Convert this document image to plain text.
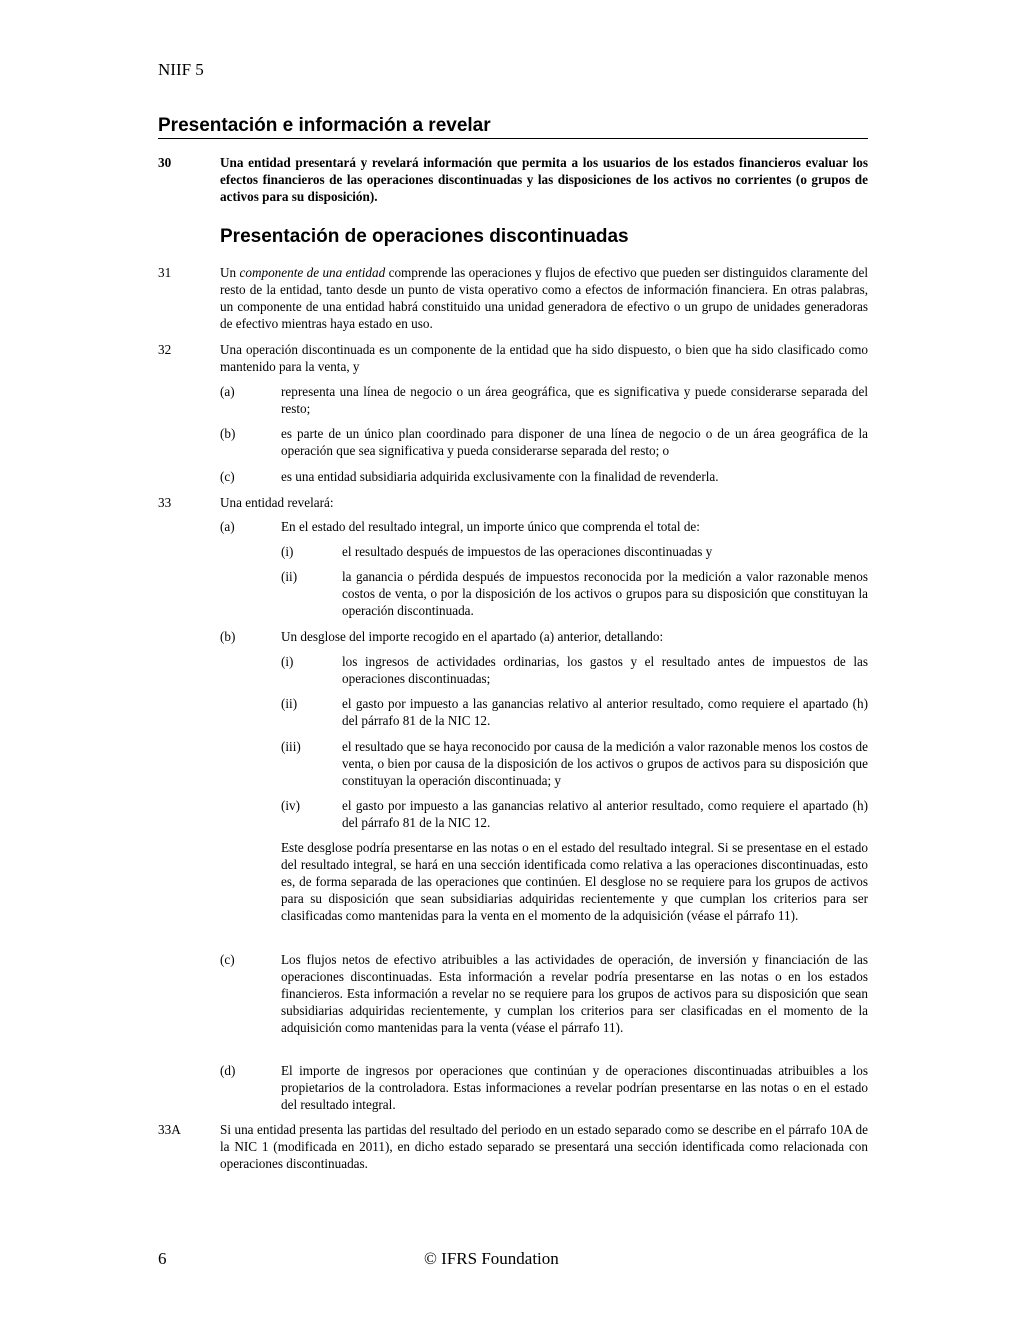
NIIF 5
Presentación e información a revelar
30	Una entidad presentará y revelará información que permita a los usuarios de los estados financieros evaluar los efectos financieros de las operaciones discontinuadas y las disposiciones de los activos no corrientes (o grupos de activos para su disposición).
Presentación de operaciones discontinuadas
31	Un componente de una entidad comprende las operaciones y flujos de efectivo que pueden ser distinguidos claramente del resto de la entidad, tanto desde un punto de vista operativo como a efectos de información financiera. En otras palabras, un componente de una entidad habrá constituido una unidad generadora de efectivo o un grupo de unidades generadoras de efectivo mientras haya estado en uso.
32	Una operación discontinuada es un componente de la entidad que ha sido dispuesto, o bien que ha sido clasificado como mantenido para la venta, y
(a)	representa una línea de negocio o un área geográfica, que es significativa y puede considerarse separada del resto;
(b)	es parte de un único plan coordinado para disponer de una línea de negocio o de un área geográfica de la operación que sea significativa y pueda considerarse separada del resto; o
(c)	es una entidad subsidiaria adquirida exclusivamente con la finalidad de revenderla.
33	Una entidad revelará:
(a)	En el estado del resultado integral, un importe único que comprenda el total de:
(i)	el resultado después de impuestos de las operaciones discontinuadas y
(ii)	la ganancia o pérdida después de impuestos reconocida por la medición a valor razonable menos costos de venta, o por la disposición de los activos o grupos para su disposición que constituyan la operación discontinuada.
(b)	Un desglose del importe recogido en el apartado (a) anterior, detallando:
(i)	los ingresos de actividades ordinarias, los gastos y el resultado antes de impuestos de las operaciones discontinuadas;
(ii)	el gasto por impuesto a las ganancias relativo al anterior resultado, como requiere el apartado (h) del párrafo 81 de la NIC 12.
(iii)	el resultado que se haya reconocido por causa de la medición a valor razonable menos los costos de venta, o bien por causa de la disposición de los activos o grupos de activos para su disposición que constituyan la operación discontinuada; y
(iv)	el gasto por impuesto a las ganancias relativo al anterior resultado, como requiere el apartado (h) del párrafo 81 de la NIC 12.
Este desglose podría presentarse en las notas o en el estado del resultado integral. Si se presentase en el estado del resultado integral, se hará en una sección identificada como relativa a las operaciones discontinuadas, esto es, de forma separada de las operaciones que continúen. El desglose no se requiere para los grupos de activos para su disposición que sean subsidiarias adquiridas recientemente y que cumplan los criterios para ser clasificadas como mantenidas para la venta en el momento de la adquisición (véase el párrafo 11).
(c)	Los flujos netos de efectivo atribuibles a las actividades de operación, de inversión y financiación de las operaciones discontinuadas. Esta información a revelar podría presentarse en las notas o en los estados financieros. Esta información a revelar no se requiere para los grupos de activos para su disposición que sean subsidiarias adquiridas recientemente, y cumplan los criterios para ser clasificadas en el momento de la adquisición como mantenidas para la venta (véase el párrafo 11).
(d)	El importe de ingresos por operaciones que continúan y de operaciones discontinuadas atribuibles a los propietarios de la controladora. Estas informaciones a revelar podrían presentarse en las notas o en el estado del resultado integral.
33A	Si una entidad presenta las partidas del resultado del periodo en un estado separado como se describe en el párrafo 10A de la NIC 1 (modificada en 2011), en dicho estado separado se presentará una sección identificada como relacionada con operaciones discontinuadas.
6	© IFRS Foundation
